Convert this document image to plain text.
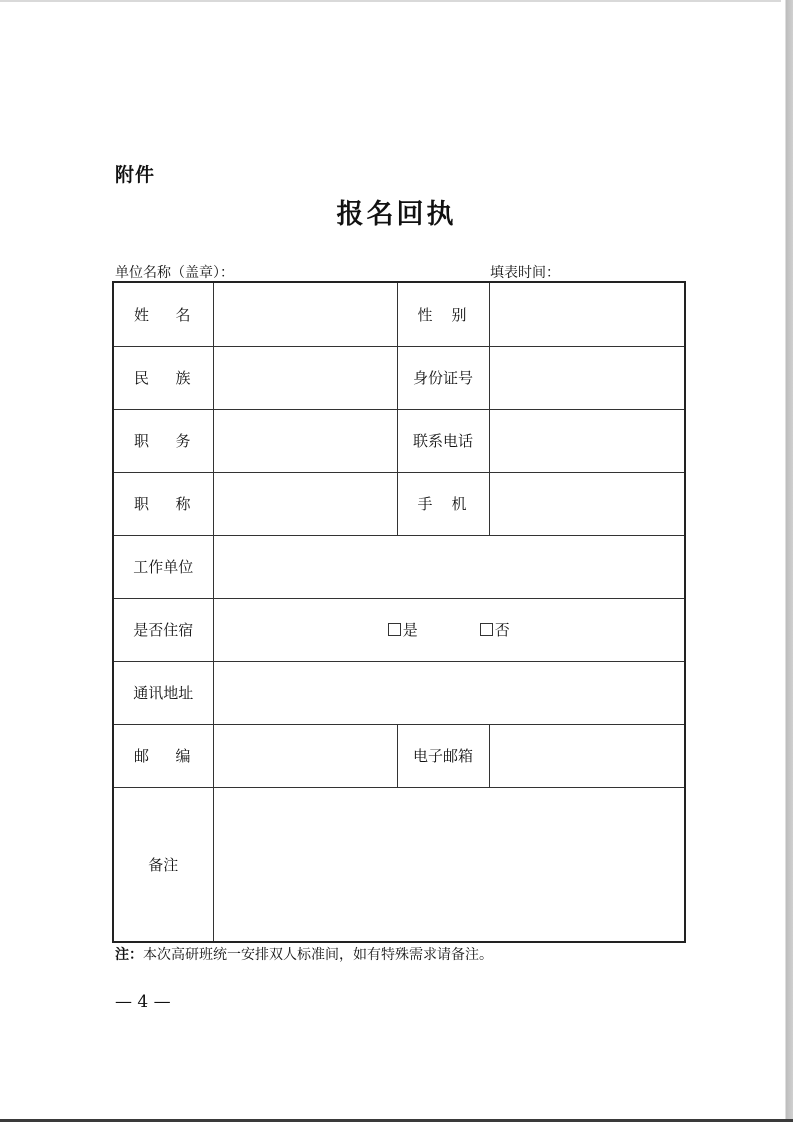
附件
报名回执
单位名称（盖章）：	填表时间：
姓 名		性 别	

民 族		身份证号	

职 务		联系电话	

职 称		手 机	

工作单位			
是否住宿	是 否		
通讯地址			

邮 编		电子邮箱	
备注			
注：本次高研班统一安排双人标准间，如有特殊需求请备注。
— 4 —
